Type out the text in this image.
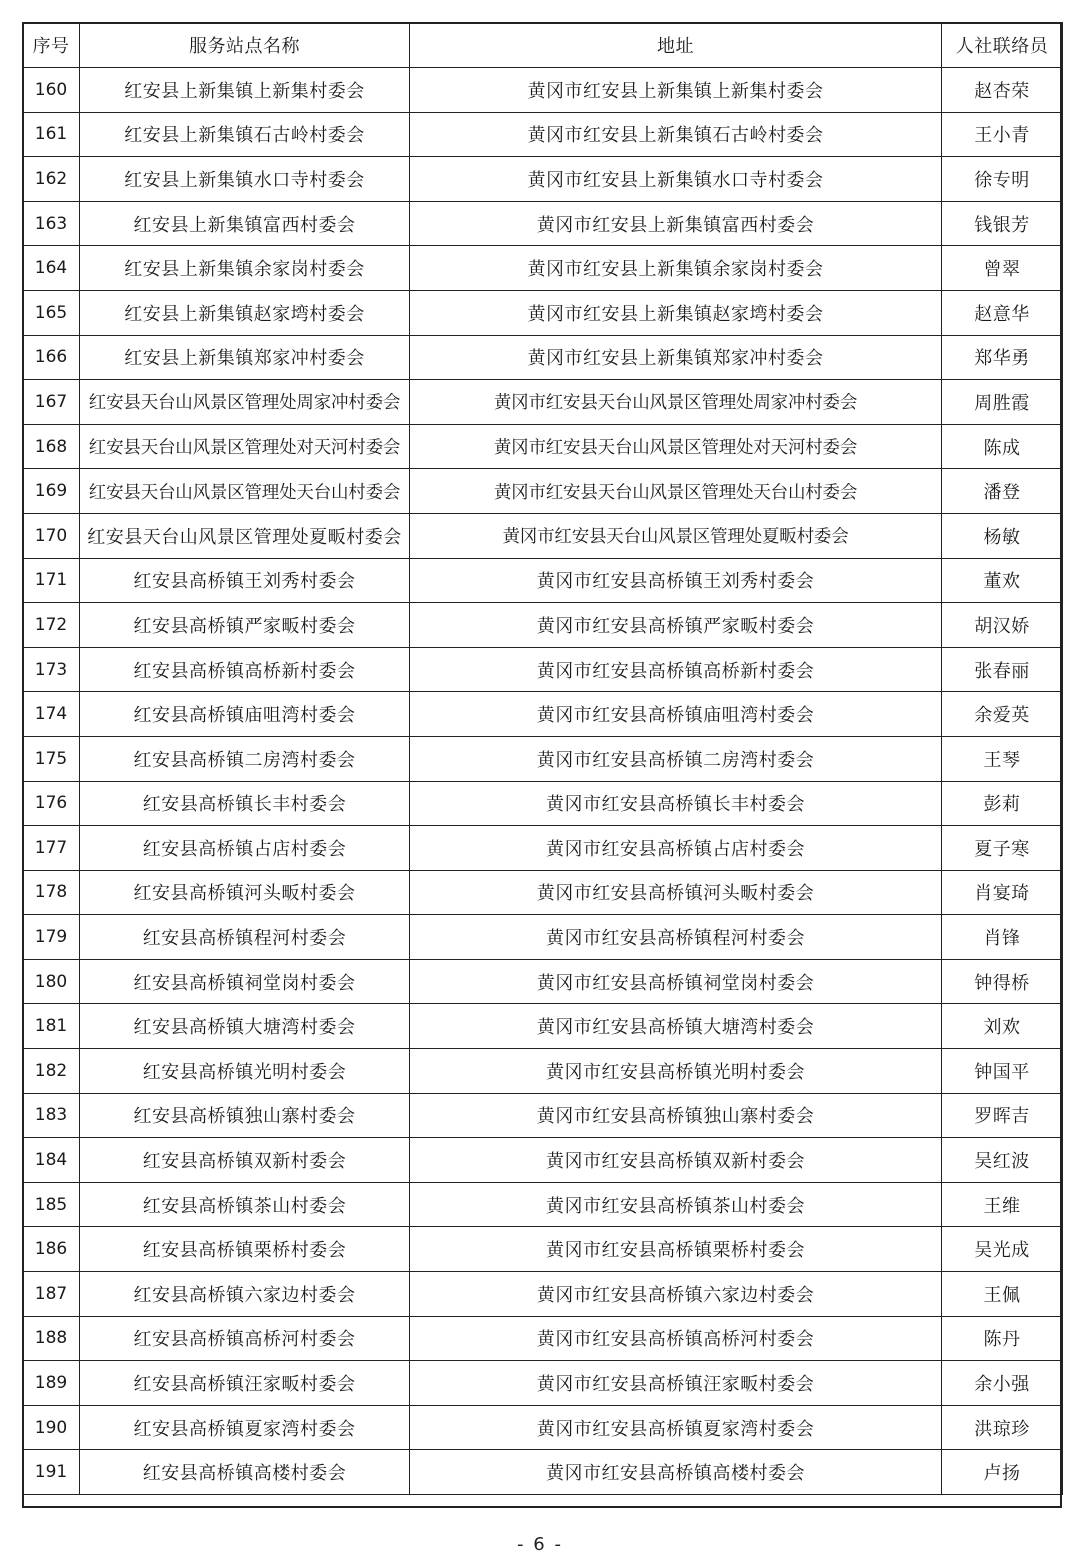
序号	服务站点名称	地址	人社联络员
160	红安县上新集镇上新集村委会	黄冈市红安县上新集镇上新集村委会	赵杏荣
161	红安县上新集镇石古岭村委会	黄冈市红安县上新集镇石古岭村委会	王小青
162	红安县上新集镇水口寺村委会	黄冈市红安县上新集镇水口寺村委会	徐专明
163	红安县上新集镇富西村委会	黄冈市红安县上新集镇富西村委会	钱银芳
164	红安县上新集镇余家岗村委会	黄冈市红安县上新集镇余家岗村委会	曾翠
165	红安县上新集镇赵家塆村委会	黄冈市红安县上新集镇赵家塆村委会	赵意华
166	红安县上新集镇郑家冲村委会	黄冈市红安县上新集镇郑家冲村委会	郑华勇
167	红安县天台山风景区管理处周家冲村委会	黄冈市红安县天台山风景区管理处周家冲村委会	周胜霞
168	红安县天台山风景区管理处对天河村委会	黄冈市红安县天台山风景区管理处对天河村委会	陈成
169	红安县天台山风景区管理处天台山村委会	黄冈市红安县天台山风景区管理处天台山村委会	潘登
170	红安县天台山风景区管理处夏畈村委会	黄冈市红安县天台山风景区管理处夏畈村委会	杨敏
171	红安县高桥镇王刘秀村委会	黄冈市红安县高桥镇王刘秀村委会	董欢
172	红安县高桥镇严家畈村委会	黄冈市红安县高桥镇严家畈村委会	胡汉娇
173	红安县高桥镇高桥新村委会	黄冈市红安县高桥镇高桥新村委会	张春丽
174	红安县高桥镇庙咀湾村委会	黄冈市红安县高桥镇庙咀湾村委会	余爱英
175	红安县高桥镇二房湾村委会	黄冈市红安县高桥镇二房湾村委会	王琴
176	红安县高桥镇长丰村委会	黄冈市红安县高桥镇长丰村委会	彭莉
177	红安县高桥镇占店村委会	黄冈市红安县高桥镇占店村委会	夏子寒
178	红安县高桥镇河头畈村委会	黄冈市红安县高桥镇河头畈村委会	肖宴琦
179	红安县高桥镇程河村委会	黄冈市红安县高桥镇程河村委会	肖锋
180	红安县高桥镇祠堂岗村委会	黄冈市红安县高桥镇祠堂岗村委会	钟得桥
181	红安县高桥镇大塘湾村委会	黄冈市红安县高桥镇大塘湾村委会	刘欢
182	红安县高桥镇光明村委会	黄冈市红安县高桥镇光明村委会	钟国平
183	红安县高桥镇独山寨村委会	黄冈市红安县高桥镇独山寨村委会	罗晖吉
184	红安县高桥镇双新村委会	黄冈市红安县高桥镇双新村委会	吴红波
185	红安县高桥镇茶山村委会	黄冈市红安县高桥镇茶山村委会	王维
186	红安县高桥镇栗桥村委会	黄冈市红安县高桥镇栗桥村委会	吴光成
187	红安县高桥镇六家边村委会	黄冈市红安县高桥镇六家边村委会	王佩
188	红安县高桥镇高桥河村委会	黄冈市红安县高桥镇高桥河村委会	陈丹
189	红安县高桥镇汪家畈村委会	黄冈市红安县高桥镇汪家畈村委会	余小强
190	红安县高桥镇夏家湾村委会	黄冈市红安县高桥镇夏家湾村委会	洪琼珍
191	红安县高桥镇高楼村委会	黄冈市红安县高桥镇高楼村委会	卢扬
- 6 -
